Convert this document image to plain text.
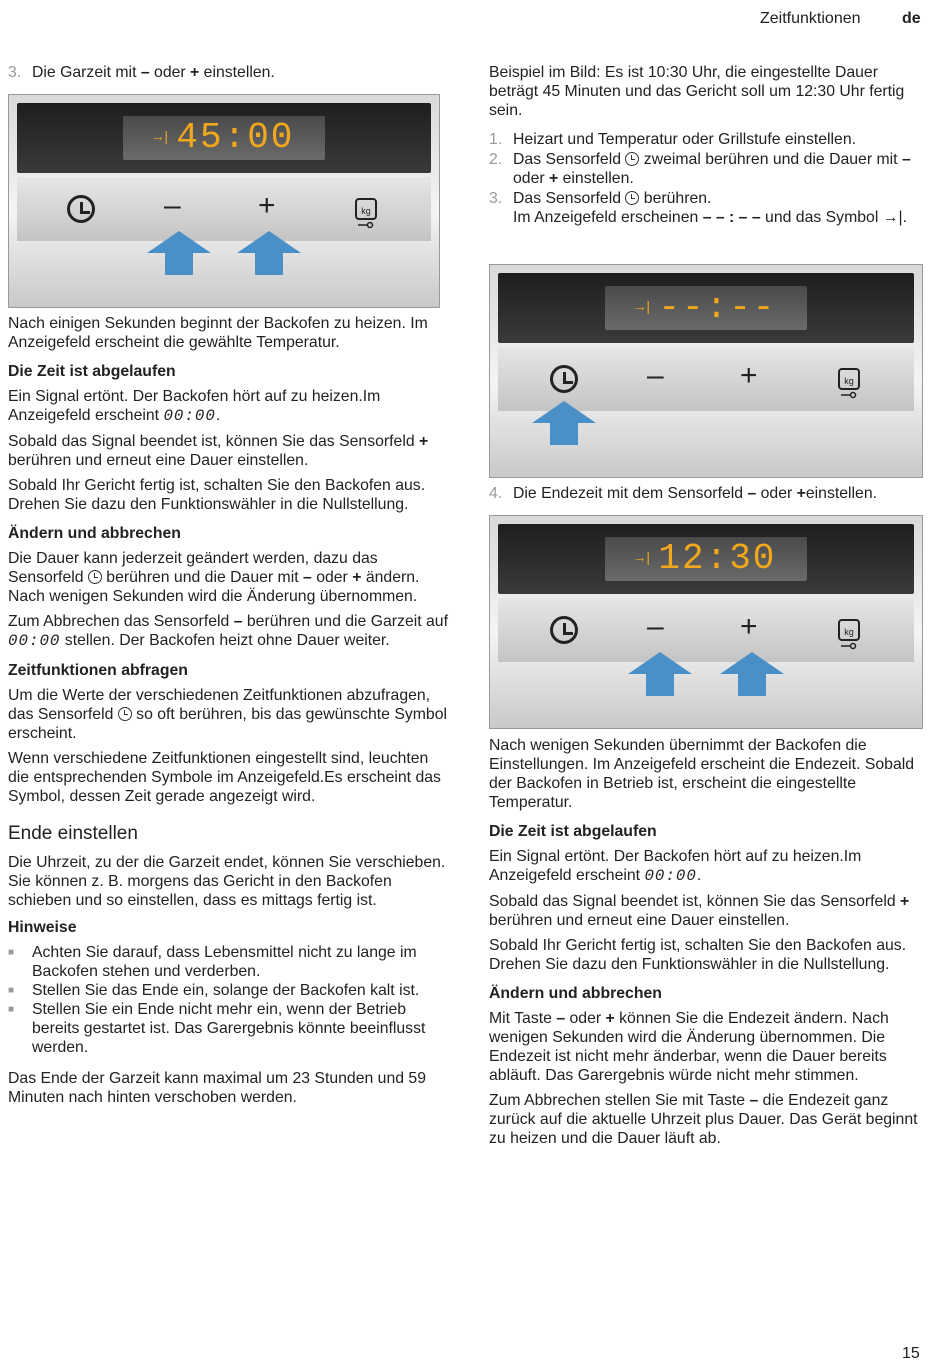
Zeitfunktionen	de
3. Die Garzeit mit – oder + einstellen.
→| 45:00
–	+	kg

Nach einigen Sekunden beginnt der Backofen zu heizen. Im Anzeigefeld erscheint die gewählte Temperatur.

Die Zeit ist abgelaufen

Ein Signal ertönt. Der Backofen hört auf zu heizen.Im Anzeigefeld erscheint 00:00.

Sobald das Signal beendet ist, können Sie das Sensorfeld + berühren und erneut eine Dauer einstellen.

Sobald Ihr Gericht fertig ist, schalten Sie den Backofen aus. Drehen Sie dazu den Funktionswähler in die Nullstellung.

Ändern und abbrechen

Die Dauer kann jederzeit geändert werden, dazu das Sensorfeld  berühren und die Dauer mit – oder + ändern. Nach wenigen Sekunden wird die Änderung übernommen.

Zum Abbrechen das Sensorfeld – berühren und die Garzeit auf 00:00 stellen. Der Backofen heizt ohne Dauer weiter.

Zeitfunktionen abfragen

Um die Werte der verschiedenen Zeitfunktionen abzufragen, das Sensorfeld  so oft berühren, bis das gewünschte Symbol erscheint.

Wenn verschiedene Zeitfunktionen eingestellt sind, leuchten die entsprechenden Symbole im Anzeigefeld.Es erscheint das Symbol, dessen Zeit gerade angezeigt wird.

Ende einstellen

Die Uhrzeit, zu der die Garzeit endet, können Sie verschieben. Sie können z. B. morgens das Gericht in den Backofen schieben und so einstellen, dass es mittags fertig ist.

Hinweise
■ Achten Sie darauf, dass Lebensmittel nicht zu lange im Backofen stehen und verderben.
■ Stellen Sie das Ende ein, solange der Backofen kalt ist.
■ Stellen Sie ein Ende nicht mehr ein, wenn der Betrieb bereits gestartet ist. Das Garergebnis könnte beeinflusst werden.

Das Ende der Garzeit kann maximal um 23 Stunden und 59 Minuten nach hinten verschoben werden.

Beispiel im Bild: Es ist 10:30 Uhr, die eingestellte Dauer beträgt 45 Minuten und das Gericht soll um 12:30 Uhr fertig sein.

1. Heizart und Temperatur oder Grillstufe einstellen.
2. Das Sensorfeld  zweimal berühren und die Dauer mit – oder + einstellen.
3. Das Sensorfeld  berühren.
Im Anzeigefeld erscheinen – – : – – und das Symbol →|.
→| --:--
–	+	kg
4. Die Endezeit mit dem Sensorfeld – oder +einstellen.
→| 12:30
–	+	kg

Nach wenigen Sekunden übernimmt der Backofen die Einstellungen. Im Anzeigefeld erscheint die Endezeit. Sobald der Backofen in Betrieb ist, erscheint die eingestellte Temperatur.

Die Zeit ist abgelaufen

Ein Signal ertönt. Der Backofen hört auf zu heizen.Im Anzeigefeld erscheint 00:00.

Sobald das Signal beendet ist, können Sie das Sensorfeld + berühren und erneut eine Dauer einstellen.

Sobald Ihr Gericht fertig ist, schalten Sie den Backofen aus. Drehen Sie dazu den Funktionswähler in die Nullstellung.

Ändern und abbrechen

Mit Taste – oder + können Sie die Endezeit ändern. Nach wenigen Sekunden wird die Änderung übernommen. Die Endezeit ist nicht mehr änderbar, wenn die Dauer bereits abläuft. Das Garergebnis würde nicht mehr stimmen.

Zum Abbrechen stellen Sie mit Taste – die Endezeit ganz zurück auf die aktuelle Uhrzeit plus Dauer. Das Gerät beginnt zu heizen und die Dauer läuft ab.

15
